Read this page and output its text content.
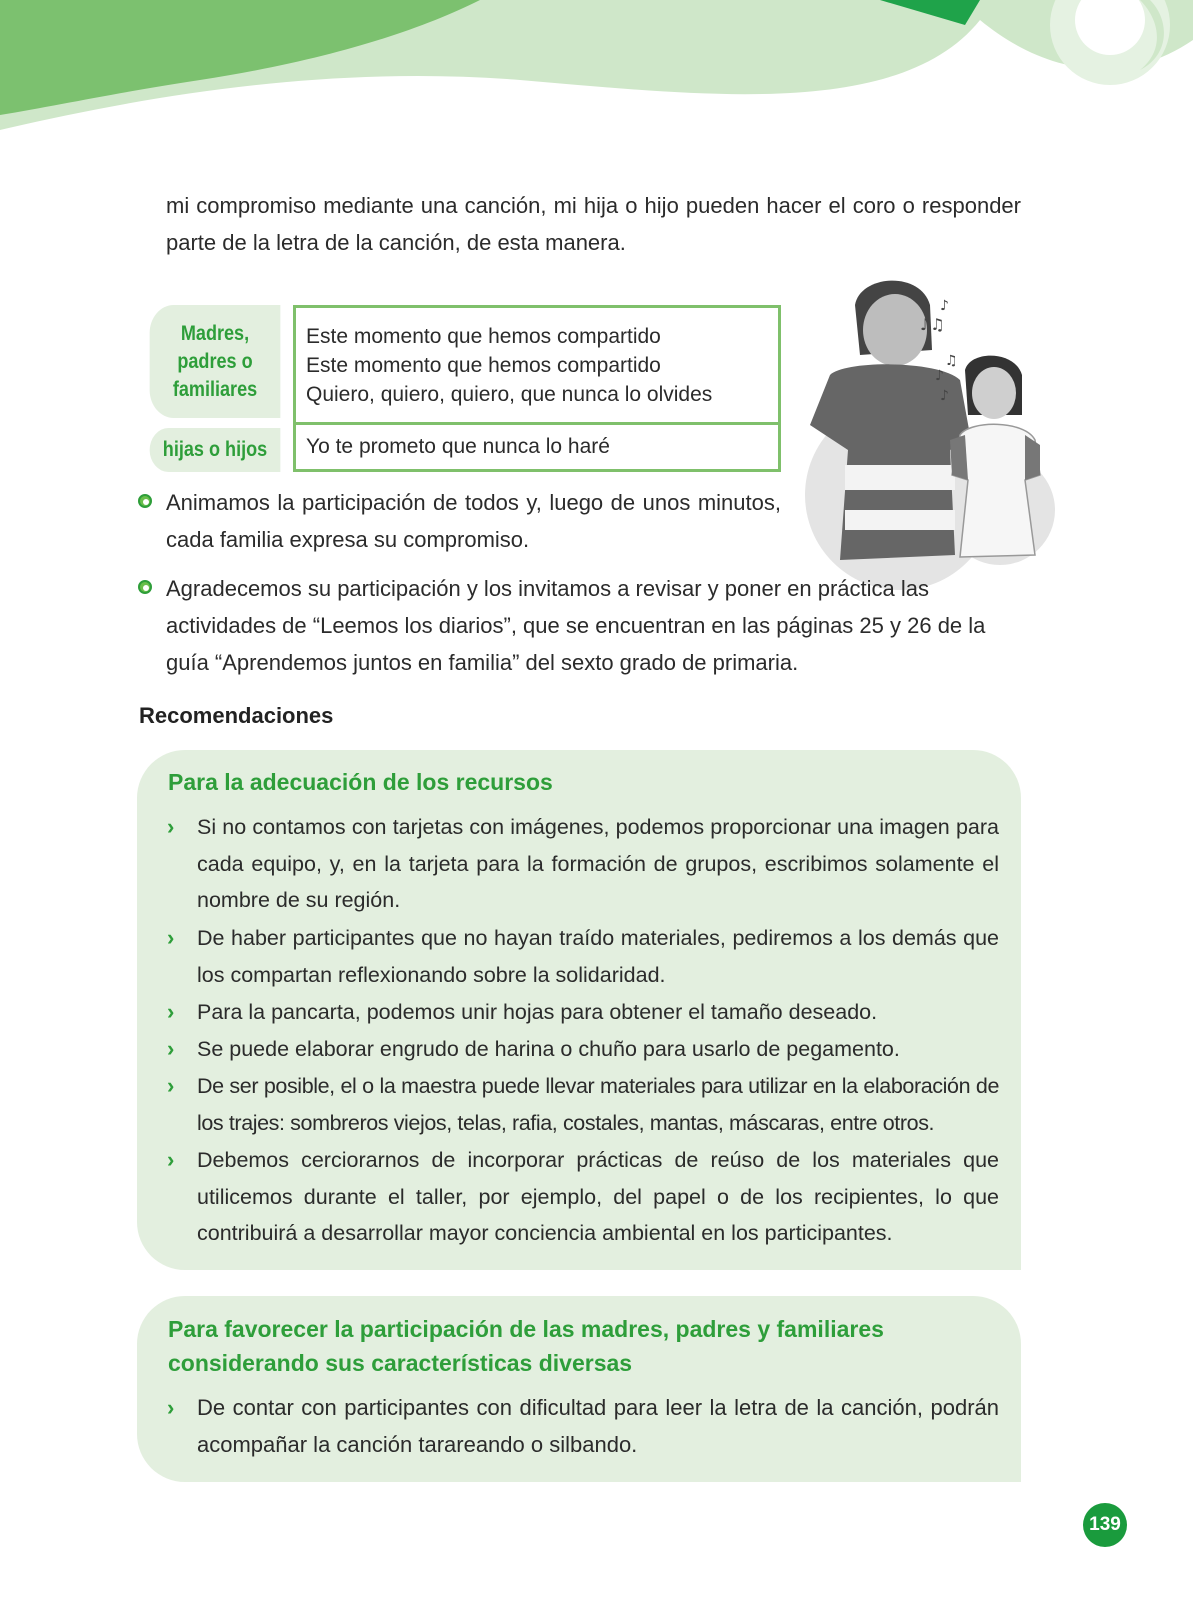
mi compromiso mediante una canción, mi hija o hijo pueden hacer el coro o responder parte de la letra de la canción, de esta manera.

Madres, padres o familiares
Este momento que hemos compartido
Este momento que hemos compartido
Quiero, quiero, quiero, que nunca lo olvides
hijas o hijos Yo te prometo que nunca lo haré
♪♫
♪
♪
♫
♪

Animamos la participación de todos y, luego de unos minutos, cada familia expresa su compromiso.

Agradecemos su participación y los invitamos a revisar y poner en práctica las actividades de “Leemos los diarios”, que se encuentran en las páginas 25 y 26 de la guía “Aprendemos juntos en familia” del sexto grado de primaria.

Recomendaciones
Para la adecuación de los recursos
› Si no contamos con tarjetas con imágenes, podemos proporcionar una imagen para cada equipo, y, en la tarjeta para la formación de grupos, escribimos solamente el nombre de su región.
› De haber participantes que no hayan traído materiales, pediremos a los demás que los compartan reflexionando sobre la solidaridad.
› Para la pancarta, podemos unir hojas para obtener el tamaño deseado.
› Se puede elaborar engrudo de harina o chuño para usarlo de pegamento.
› De ser posible, el o la maestra puede llevar materiales para utilizar en la elaboración de los trajes: sombreros viejos, telas, rafia, costales, mantas, máscaras, entre otros.
› Debemos cerciorarnos de incorporar prácticas de reúso de los materiales que utilicemos durante el taller, por ejemplo, del papel o de los recipientes, lo que contribuirá a desarrollar mayor conciencia ambiental en los participantes.
Para favorecer la participación de las madres, padres y familiares considerando sus características diversas
› De contar con participantes con dificultad para leer la letra de la canción, podrán acompañar la canción tarareando o silbando.
139
